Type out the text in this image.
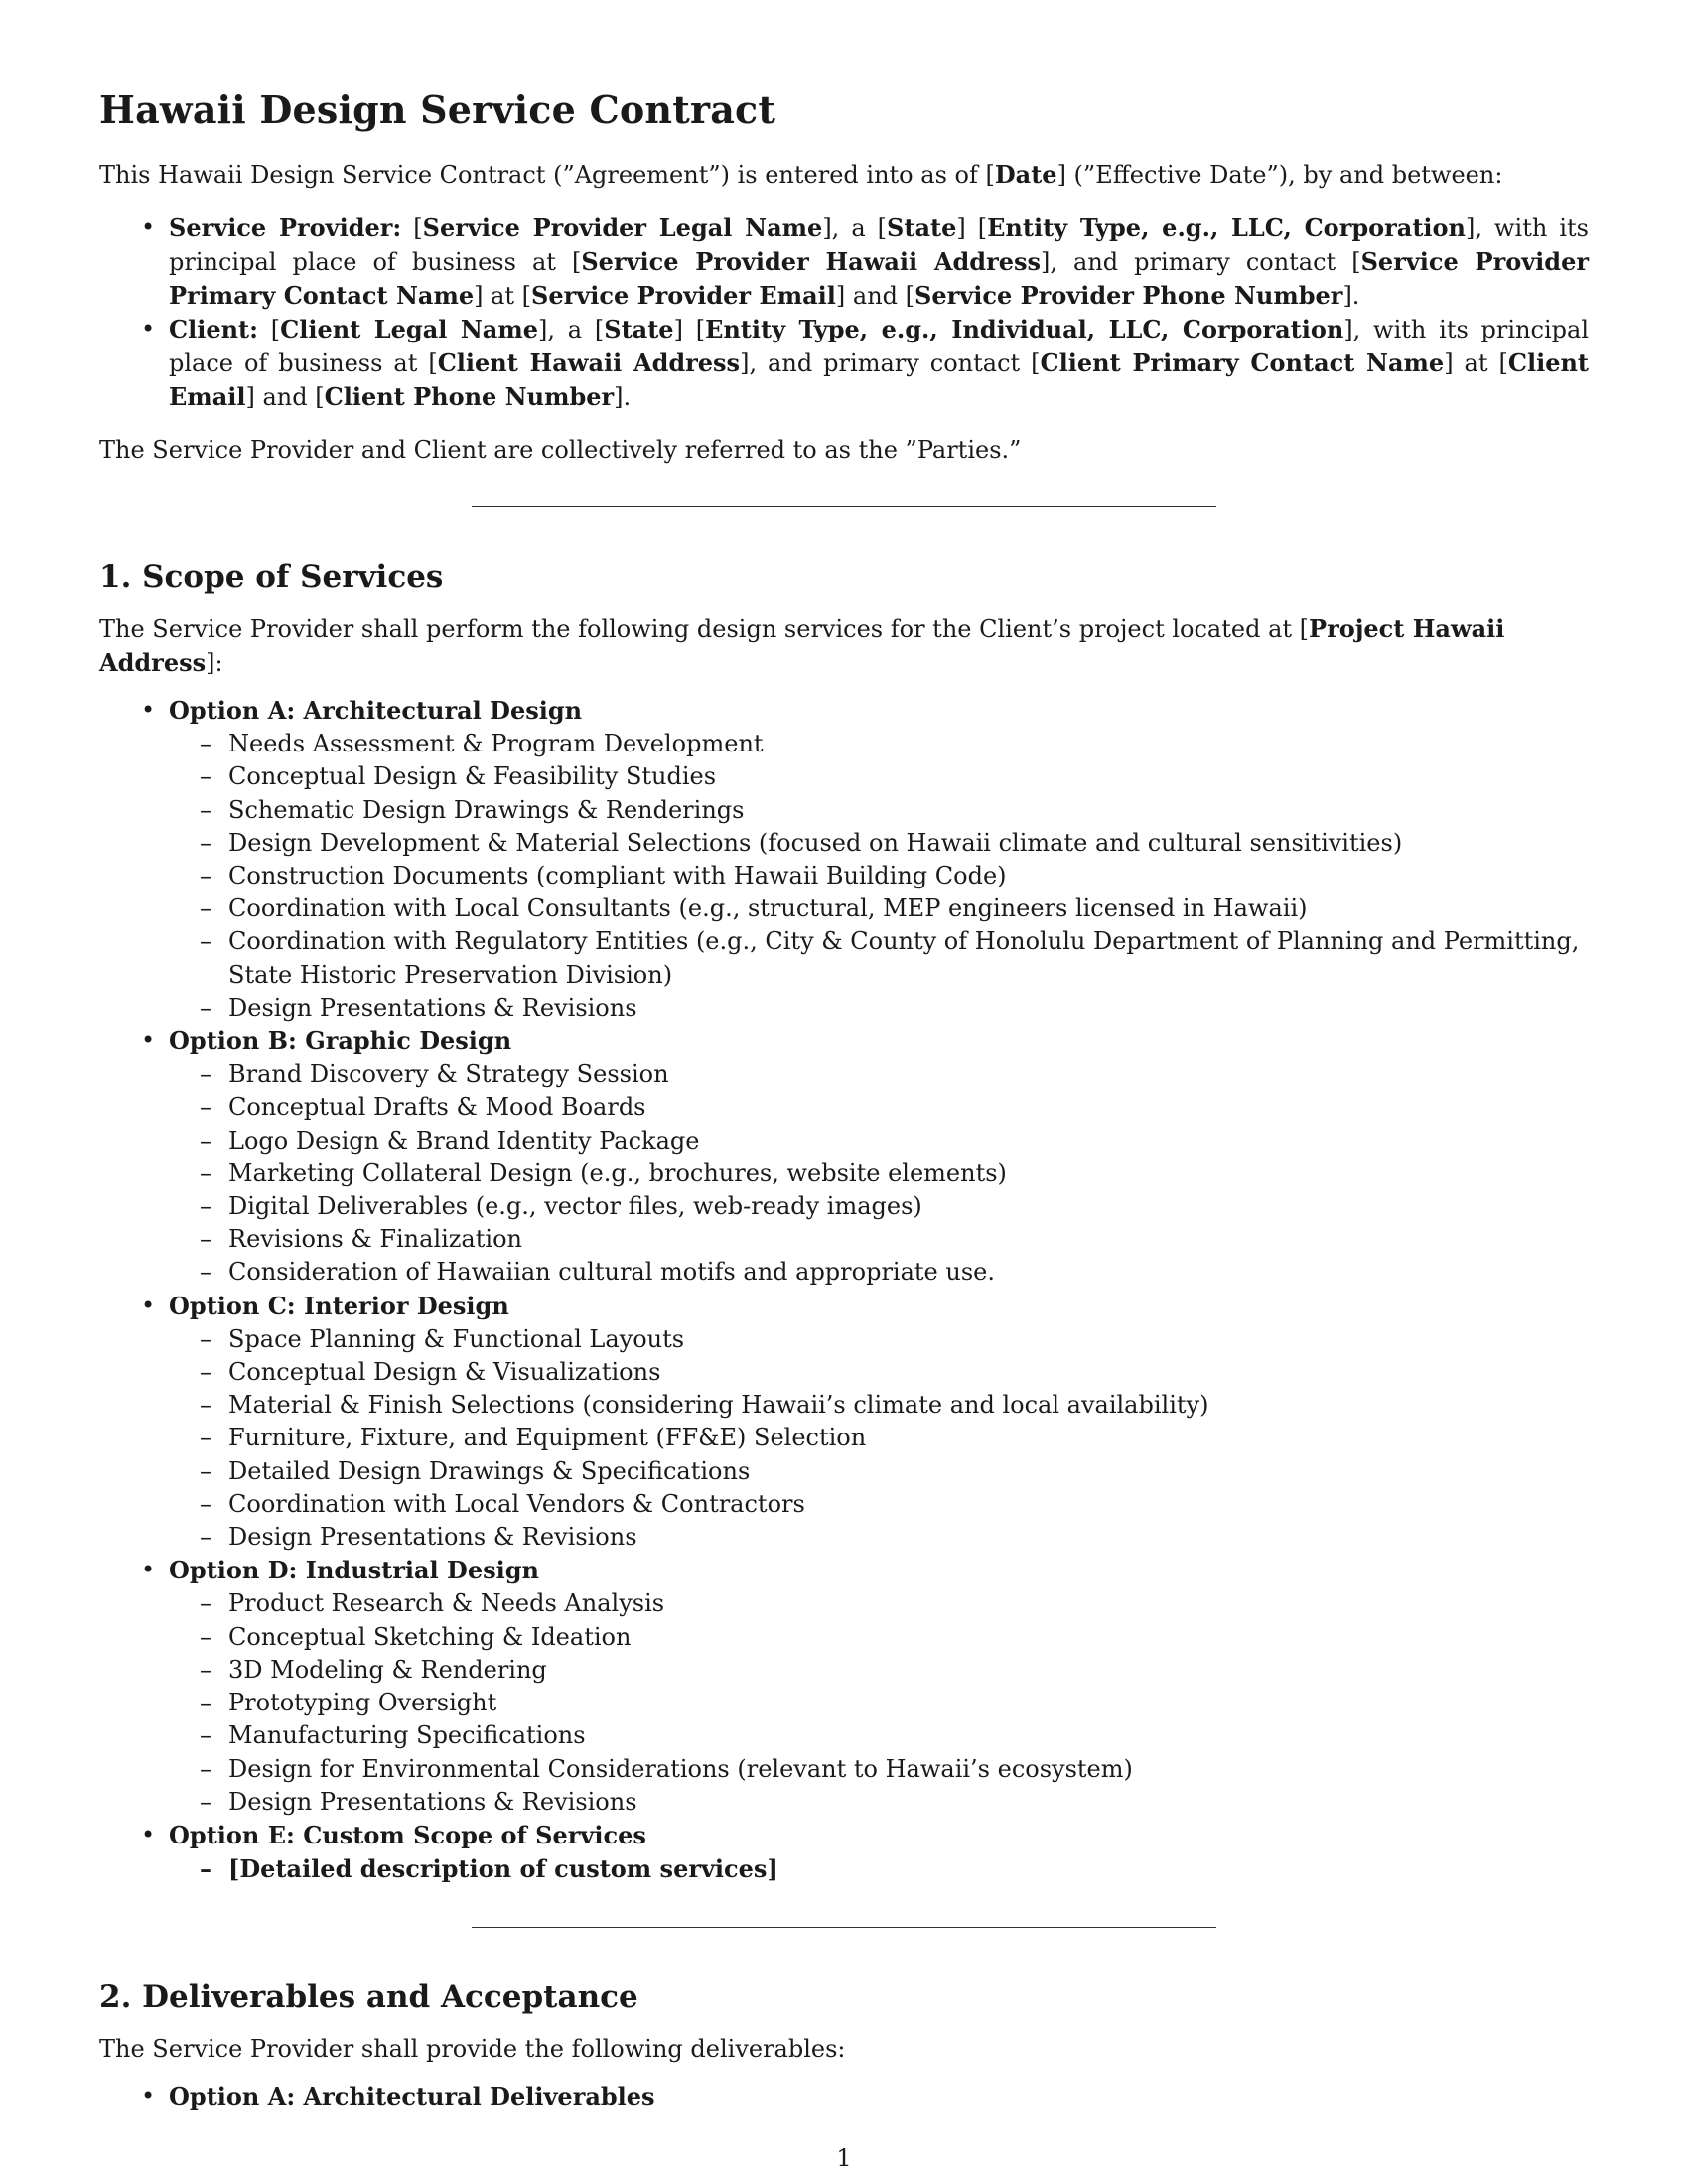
Hawaii Design Service Contract

This Hawaii Design Service Contract (”Agreement”) is entered into as of [Date] (”Effective Date”), by and between:

• Service Provider: [Service Provider Legal Name], a [State] [Entity Type, e.g., LLC, Corporation], with its principal place of business at [Service Provider Hawaii Address], and primary contact [Service Provider Primary Contact Name] at [Service Provider Email] and [Service Provider Phone Number].
• Client: [Client Legal Name], a [State] [Entity Type, e.g., Individual, LLC, Corporation], with its principal place of business at [Client Hawaii Address], and primary contact [Client Primary Contact Name] at [Client Email] and [Client Phone Number].

The Service Provider and Client are collectively referred to as the ”Parties.”

1. Scope of Services

The Service Provider shall perform the following design services for the Client’s project located at [Project Hawaii Address]:

• Option A: Architectural Design
– Needs Assessment & Program Development
– Conceptual Design & Feasibility Studies
– Schematic Design Drawings & Renderings
– Design Development & Material Selections (focused on Hawaii climate and cultural sensitivities)
– Construction Documents (compliant with Hawaii Building Code)
– Coordination with Local Consultants (e.g., structural, MEP engineers licensed in Hawaii)
– Coordination with Regulatory Entities (e.g., City & County of Honolulu Department of Planning and Permitting, State Historic Preservation Division)
– Design Presentations & Revisions
• Option B: Graphic Design
– Brand Discovery & Strategy Session
– Conceptual Drafts & Mood Boards
– Logo Design & Brand Identity Package
– Marketing Collateral Design (e.g., brochures, website elements)
– Digital Deliverables (e.g., vector files, web-ready images)
– Revisions & Finalization
– Consideration of Hawaiian cultural motifs and appropriate use.
• Option C: Interior Design
– Space Planning & Functional Layouts
– Conceptual Design & Visualizations
– Material & Finish Selections (considering Hawaii’s climate and local availability)
– Furniture, Fixture, and Equipment (FF&E) Selection
– Detailed Design Drawings & Specifications
– Coordination with Local Vendors & Contractors
– Design Presentations & Revisions
• Option D: Industrial Design
– Product Research & Needs Analysis
– Conceptual Sketching & Ideation
– 3D Modeling & Rendering
– Prototyping Oversight
– Manufacturing Specifications
– Design for Environmental Considerations (relevant to Hawaii’s ecosystem)
– Design Presentations & Revisions
• Option E: Custom Scope of Services
– [Detailed description of custom services]
2. Deliverables and Acceptance

The Service Provider shall provide the following deliverables:

• Option A: Architectural Deliverables
1
